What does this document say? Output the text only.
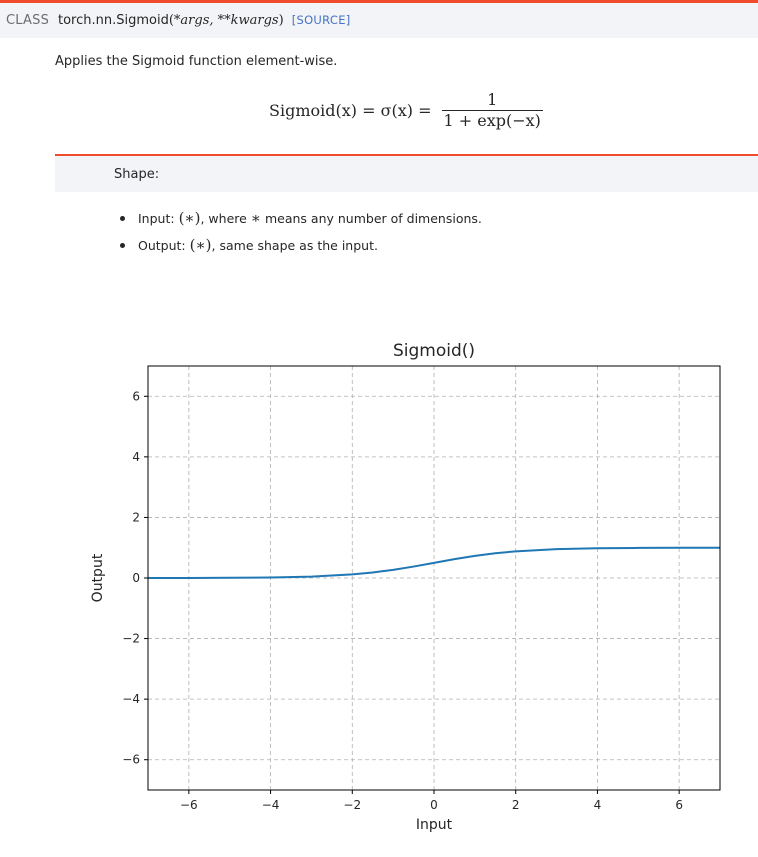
CLASS torch.nn.Sigmoid(*args, **kwargs) [SOURCE]
Applies the Sigmoid function element-wise.
Sigmoid(x) = $\sigma(x) = \frac{1}{1 + \exp(-x)}$
Shape:
Input: (∗), where ∗ means any number of dimensions.
Output: (∗), same shape as the input.
−6	−4	−2	0	2	4	6
−6
−4
−2
0
2
4
6
Sigmoid()
Input
Output
